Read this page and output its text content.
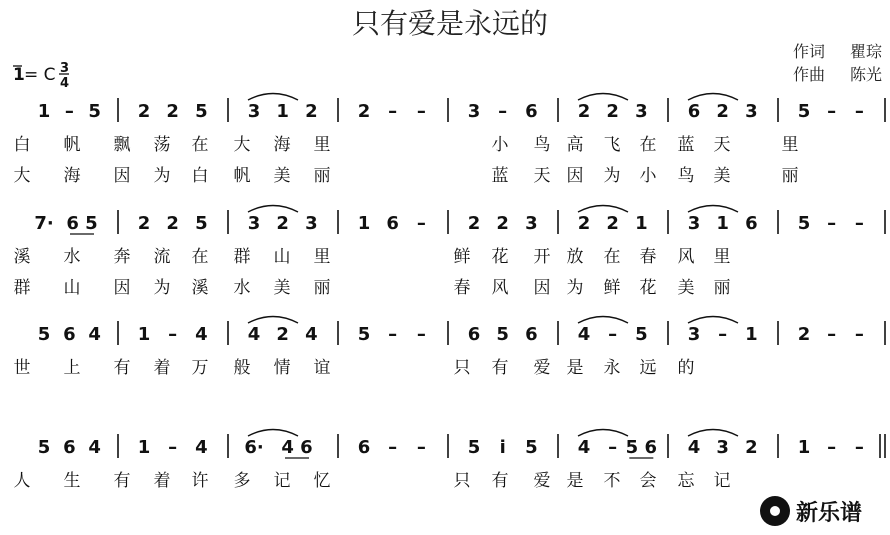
只有爱是永远的
作词 瞿琮
作曲 陈光
1 = C 3
4
1 – 5 2 2 5 3 1 2 2 – – 3 – 6 2 2 3 6 2 3 5 – –
白 帆 飘 荡 在 大 海 里	小 鸟 高 飞 在 蓝 天	里
大 海 因 为 白 帆 美 丽	蓝 天 因 为 小 鸟 美	丽
7· 6 5 2 2 5 3 2 3 1 6 – 2 2 3 2 2 1 3 1 6 5 – –
溪 水 奔 流 在 群 山 里	鲜 花 开 放 在 春 风 里
群 山 因 为 溪 水 美 丽	春 风 因 为 鲜 花 美 丽
5 6 4 1 – 4 4 2 4 5 – – 6 5 6 4 – 5 3 – 1 2 – –
世 上 有 着 万 般 情 谊	只 有 爱 是 永 远 的
5 6 4 1 – 4 6· 4 6	6 – – 5 i 5 4 – 5 6 4 3 2 1 – –
人 生 有 着 许 多 记 忆	只 有 爱 是 不 会 忘 记
新乐谱
